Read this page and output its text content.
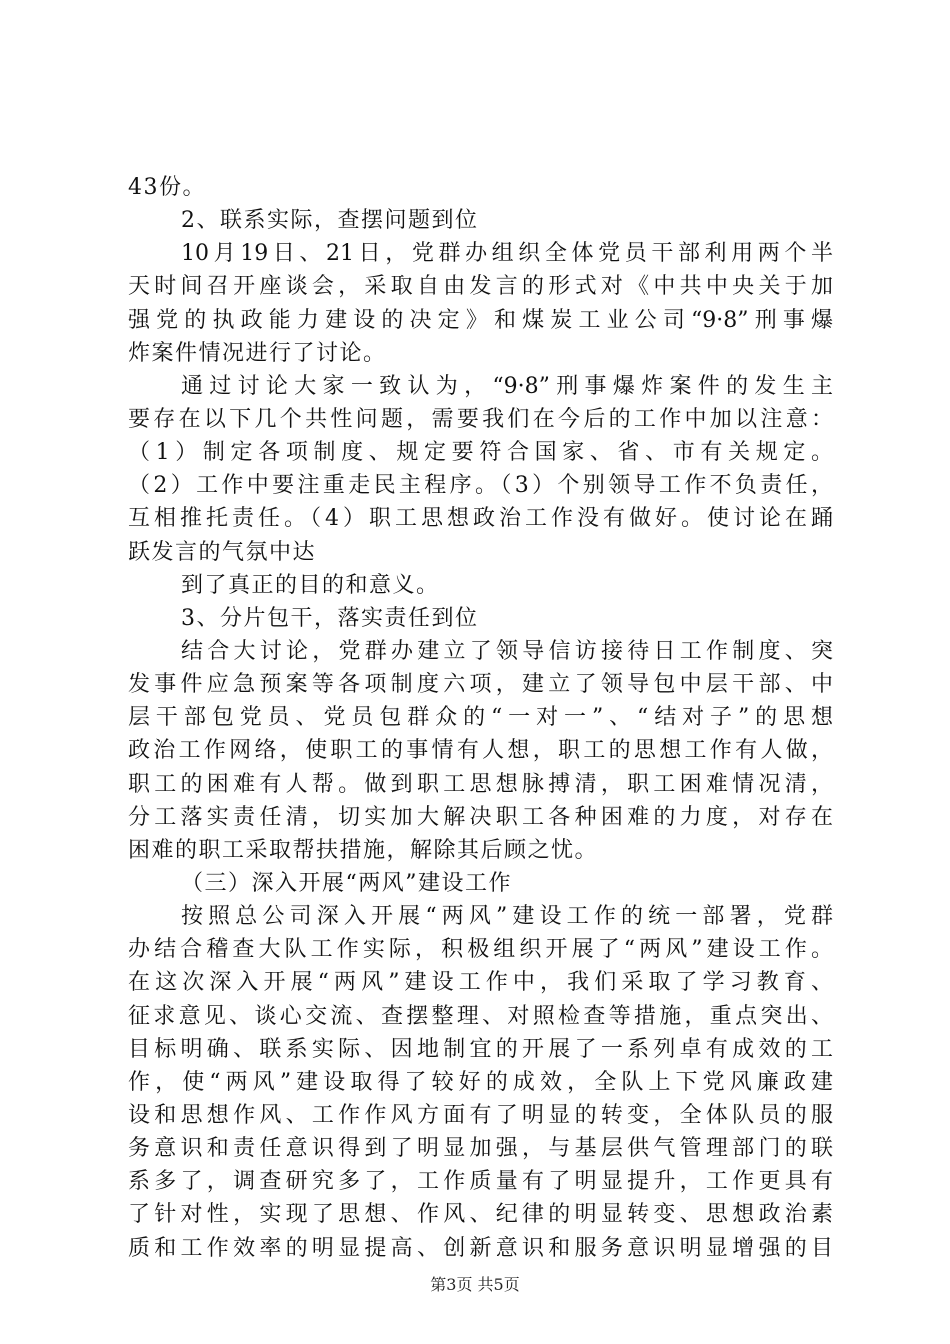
43份。
2、联系实际，查摆问题到位
10月19日、21日，党群办组织全体党员干部利用两个半
天时间召开座谈会，采取自由发言的形式对《中共中央关于加
强党的执政能力建设的决定》和煤炭工业公司“9·8”刑事爆
炸案件情况进行了讨论。
通过讨论大家一致认为，“9·8”刑事爆炸案件的发生主
要存在以下几个共性问题，需要我们在今后的工作中加以注意：
（1）制定各项制度、规定要符合国家、省、市有关规定。
（2）工作中要注重走民主程序。（3）个别领导工作不负责任，
互相推托责任。（4）职工思想政治工作没有做好。使讨论在踊
跃发言的气氛中达
到了真正的目的和意义。
3、分片包干，落实责任到位
结合大讨论，党群办建立了领导信访接待日工作制度、突
发事件应急预案等各项制度六项，建立了领导包中层干部、中
层干部包党员、党员包群众的“一对一”、“结对子”的思想
政治工作网络，使职工的事情有人想，职工的思想工作有人做，
职工的困难有人帮。做到职工思想脉搏清，职工困难情况清，
分工落实责任清，切实加大解决职工各种困难的力度，对存在
困难的职工采取帮扶措施，解除其后顾之忧。
（三）深入开展“两风”建设工作
按照总公司深入开展“两风”建设工作的统一部署，党群
办结合稽查大队工作实际，积极组织开展了“两风”建设工作。
在这次深入开展“两风”建设工作中，我们采取了学习教育、
征求意见、谈心交流、查摆整理、对照检查等措施，重点突出、
目标明确、联系实际、因地制宜的开展了一系列卓有成效的工
作，使“两风”建设取得了较好的成效，全队上下党风廉政建
设和思想作风、工作作风方面有了明显的转变，全体队员的服
务意识和责任意识得到了明显加强，与基层供气管理部门的联
系多了，调查研究多了，工作质量有了明显提升，工作更具有
了针对性，实现了思想、作风、纪律的明显转变、思想政治素
质和工作效率的明显提高、创新意识和服务意识明显增强的目
第3页 共5页
